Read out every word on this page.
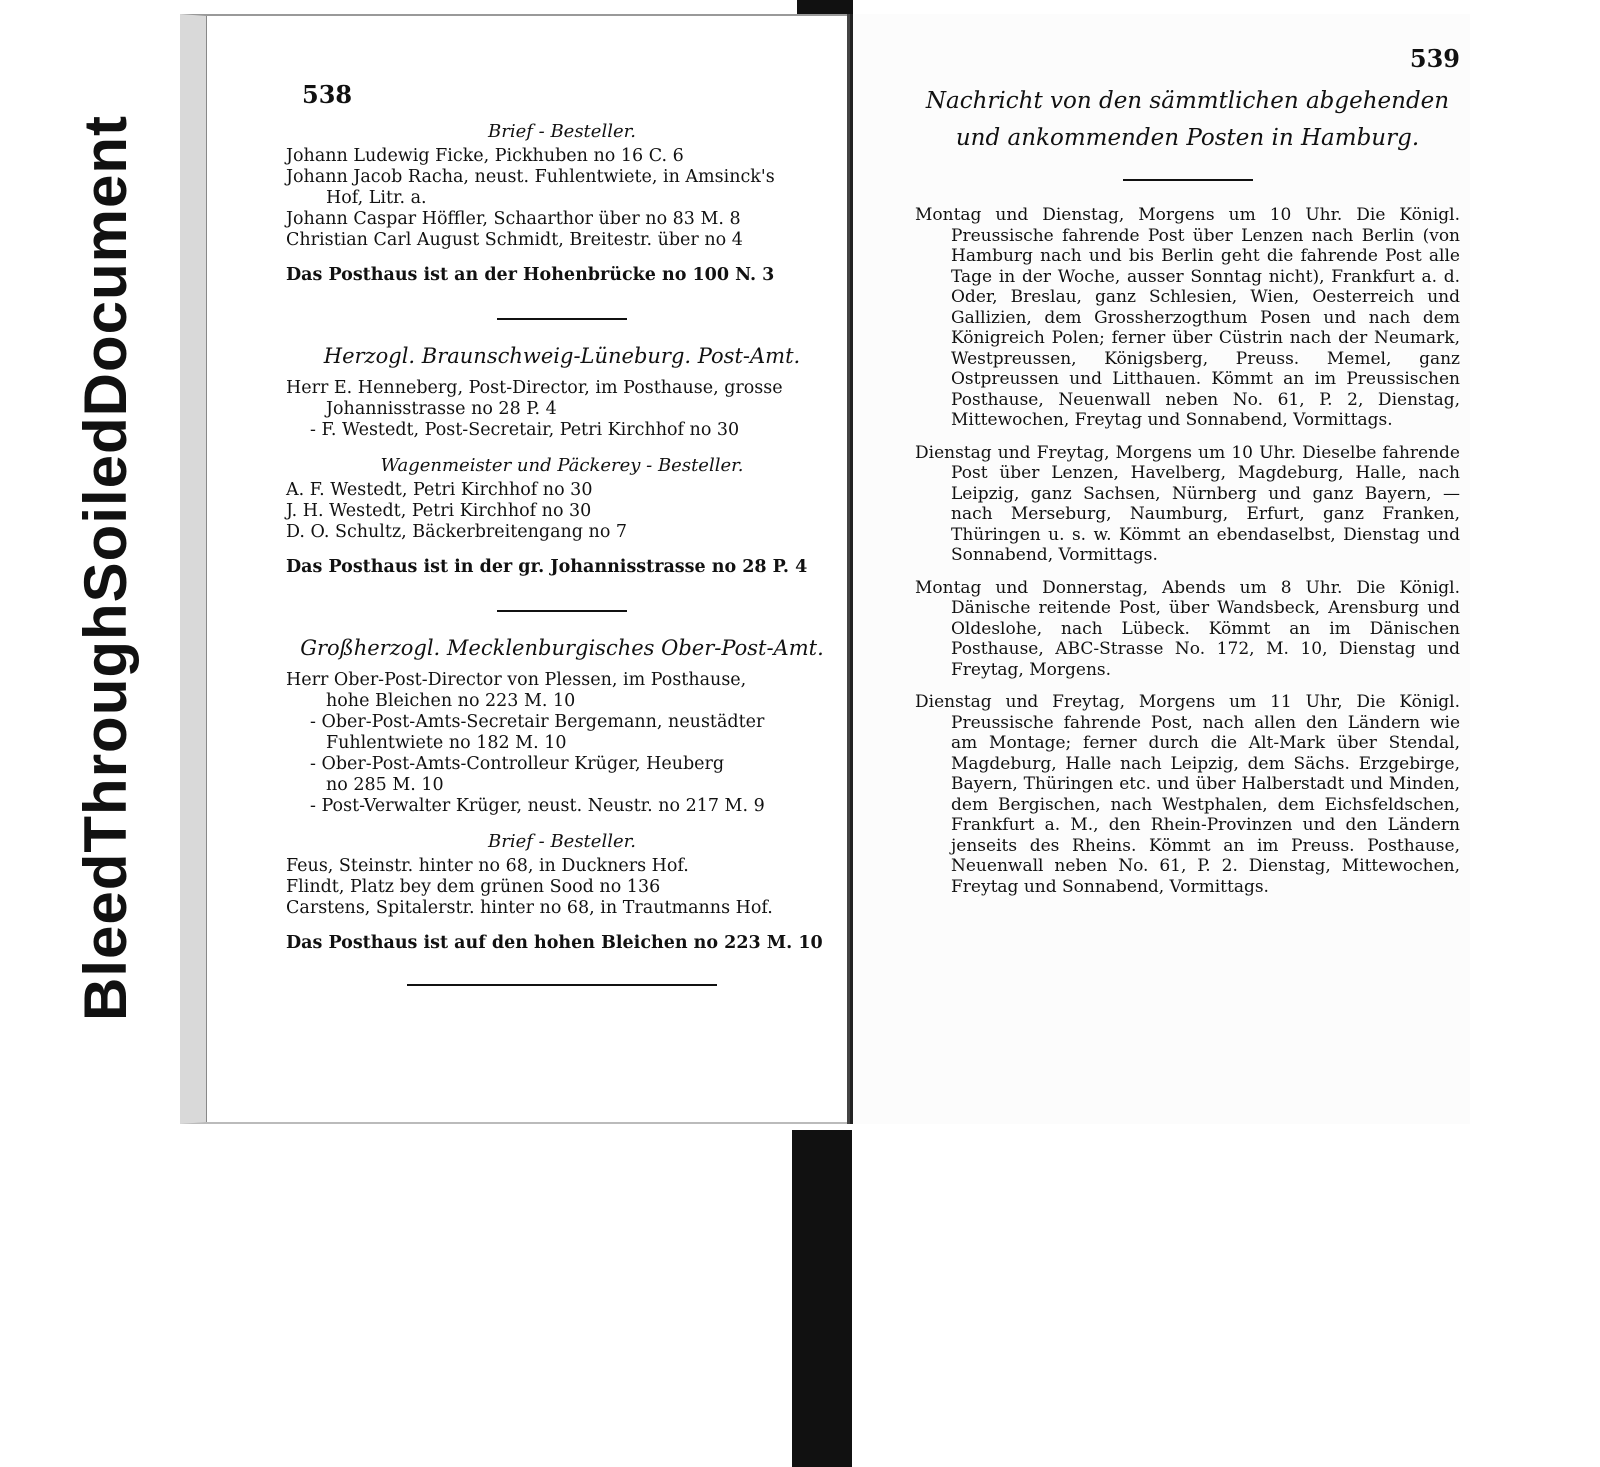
Bleed
Through
Soiled
Document
538

Brief - Besteller.

Johann Ludewig Ficke, Pickhuben no 16 C. 6

Johann Jacob Racha, neust. Fuhlentwiete, in Amsinck's

Hof, Litr. a.

Johann Caspar Höffler, Schaarthor über no 83 M. 8

Christian Carl August Schmidt, Breitestr. über no 4

Das Posthaus ist an der Hohenbrücke no 100 N. 3

Herzogl. Braunschweig-Lüneburg. Post-Amt.

Herr E. Henneberg, Post-Director, im Posthause, grosse

Johannisstrasse no 28 P. 4

- F. Westedt, Post-Secretair, Petri Kirchhof no 30

Wagenmeister und Päckerey - Besteller.

A. F. Westedt, Petri Kirchhof no 30

J. H. Westedt, Petri Kirchhof no 30

D. O. Schultz, Bäckerbreitengang no 7

Das Posthaus ist in der gr. Johannisstrasse no 28 P. 4

Großherzogl. Mecklenburgisches Ober-Post-Amt.

Herr Ober-Post-Director von Plessen, im Posthause,

hohe Bleichen no 223 M. 10

- Ober-Post-Amts-Secretair Bergemann, neustädter

Fuhlentwiete no 182 M. 10

- Ober-Post-Amts-Controlleur Krüger, Heuberg

no 285 M. 10

- Post-Verwalter Krüger, neust. Neustr. no 217 M. 9

Brief - Besteller.

Feus, Steinstr. hinter no 68, in Duckners Hof.

Flindt, Platz bey dem grünen Sood no 136

Carstens, Spitalerstr. hinter no 68, in Trautmanns Hof.

Das Posthaus ist auf den hohen Bleichen no 223 M. 10

539

Nachricht von den sämmtlichen abgehenden

und ankommenden Posten in Hamburg.

Montag und Dienstag, Morgens um 10 Uhr. Die Königl. Preussische fahrende Post über Lenzen nach Berlin (von Hamburg nach und bis Berlin geht die fahrende Post alle Tage in der Woche, ausser Sonntag nicht), Frankfurt a. d. Oder, Breslau, ganz Schlesien, Wien, Oesterreich und Gallizien, dem Grossherzogthum Posen und nach dem Königreich Polen; ferner über Cüstrin nach der Neumark, Westpreussen, Königsberg, Preuss. Memel, ganz Ostpreussen und Litthauen. Kömmt an im Preussischen Posthause, Neuenwall neben No. 61, P. 2, Dienstag, Mittewochen, Freytag und Sonnabend, Vormittags.

Dienstag und Freytag, Morgens um 10 Uhr. Dieselbe fahrende Post über Lenzen, Havelberg, Magdeburg, Halle, nach Leipzig, ganz Sachsen, Nürnberg und ganz Bayern, — nach Merseburg, Naumburg, Erfurt, ganz Franken, Thüringen u. s. w. Kömmt an ebendaselbst, Dienstag und Sonnabend, Vormittags.

Montag und Donnerstag, Abends um 8 Uhr. Die Königl. Dänische reitende Post, über Wandsbeck, Arensburg und Oldeslohe, nach Lübeck. Kömmt an im Dänischen Posthause, ABC-Strasse No. 172, M. 10, Dienstag und Freytag, Morgens.

Dienstag und Freytag, Morgens um 11 Uhr, Die Königl. Preussische fahrende Post, nach allen den Ländern wie am Montage; ferner durch die Alt-Mark über Stendal, Magdeburg, Halle nach Leipzig, dem Sächs. Erzgebirge, Bayern, Thüringen etc. und über Halberstadt und Minden, dem Bergischen, nach Westphalen, dem Eichsfeldschen, Frankfurt a. M., den Rhein-Provinzen und den Ländern jenseits des Rheins. Kömmt an im Preuss. Posthause, Neuenwall neben No. 61, P. 2. Dienstag, Mittewochen, Freytag und Sonnabend, Vormittags.
